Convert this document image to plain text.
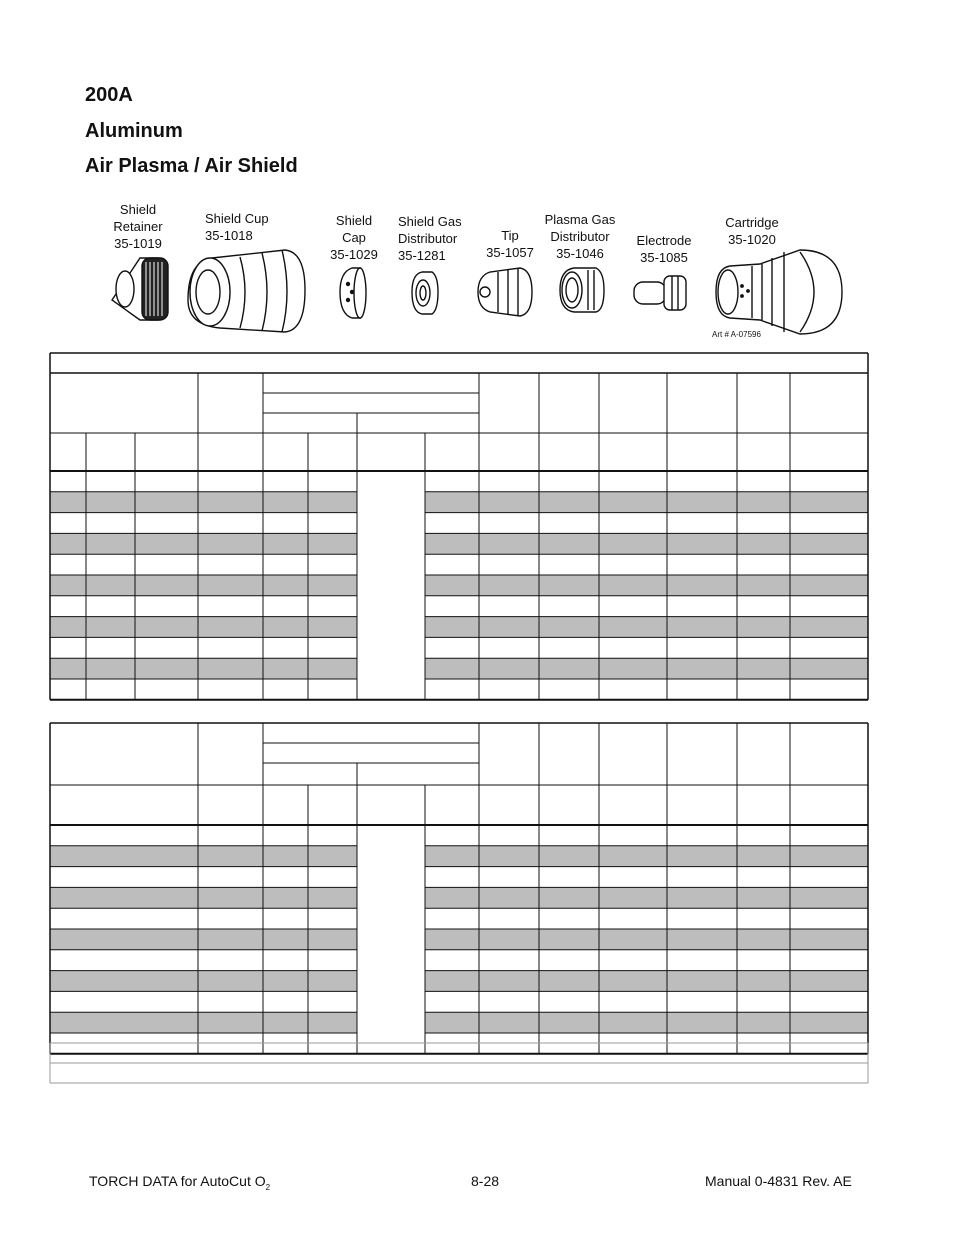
200A
Aluminum
Air Plasma / Air Shield
Shield
Retainer
35-1019
Shield Cup
35-1018
Shield
Cap
35-1029
Shield Gas
Distributor
35-1281
Tip
35-1057
Plasma Gas
Distributor
35-1046
Electrode
35-1085
Cartridge
35-1020
Art # A-07596
TORCH DATA for AutoCut $O_2$	8-28	Manual 0-4831 Rev. AE
